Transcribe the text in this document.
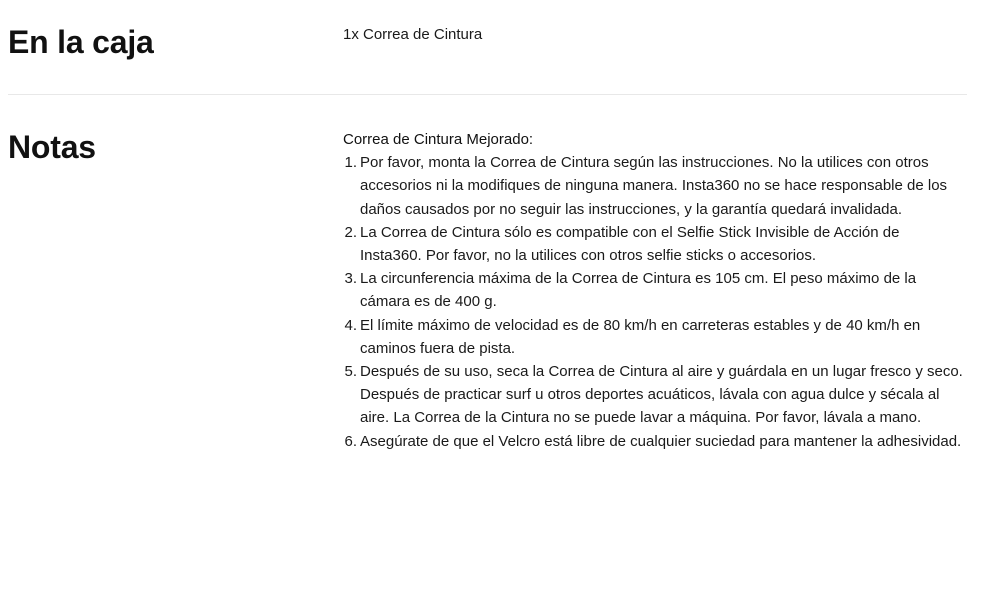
En la caja	1x Correa de Cintura
Notas	Correa de Cintura Mejorado:

Por favor, monta la Correa de Cintura según las instrucciones. No la utilices con otros accesorios ni la modifiques de ninguna manera. Insta360 no se hace responsable de los daños causados por no seguir las instrucciones, y la garantía quedará invalidada.
La Correa de Cintura sólo es compatible con el Selfie Stick Invisible de Acción de Insta360. Por favor, no la utilices con otros selfie sticks o accesorios.
La circunferencia máxima de la Correa de Cintura es 105 cm. El peso máximo de la cámara es de 400 g.
El límite máximo de velocidad es de 80 km/h en carreteras estables y de 40 km/h en caminos fuera de pista.
Después de su uso, seca la Correa de Cintura al aire y guárdala en un lugar fresco y seco. Después de practicar surf u otros deportes acuáticos, lávala con agua dulce y sécala al aire. La Correa de la Cintura no se puede lavar a máquina. Por favor, lávala a mano.
Asegúrate de que el Velcro está libre de cualquier suciedad para mantener la adhesividad.
